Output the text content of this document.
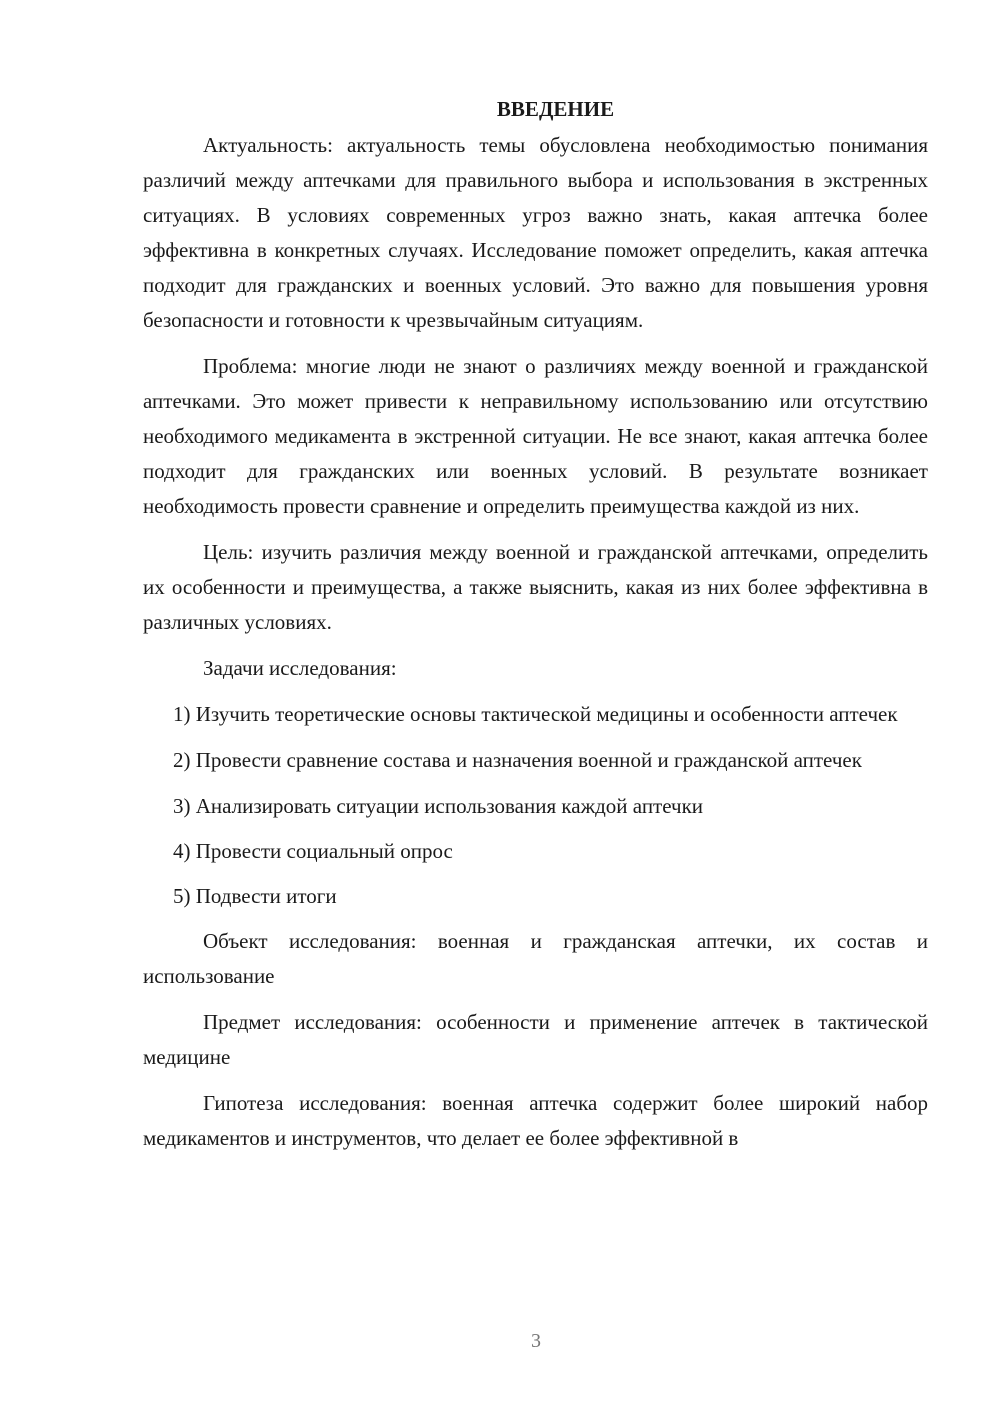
ВВЕДЕНИЕ

Актуальность: актуальность темы обусловлена необходимостью понимания различий между аптечками для правильного выбора и использования в экстренных ситуациях. В условиях современных угроз важно знать, какая аптечка более эффективна в конкретных случаях. Исследование поможет определить, какая аптечка подходит для гражданских и военных условий. Это важно для повышения уровня безопасности и готовности к чрезвычайным ситуациям.

Проблема: многие люди не знают о различиях между военной и гражданской аптечками. Это может привести к неправильному использованию или отсутствию необходимого медикамента в экстренной ситуации. Не все знают, какая аптечка более подходит для гражданских или военных условий. В результате возникает необходимость провести сравнение и определить преимущества каждой из них.

Цель: изучить различия между военной и гражданской аптечками, определить их особенности и преимущества, а также выяснить, какая из них более эффективна в различных условиях.

Задачи исследования:

1) Изучить теоретические основы тактической медицины и особенности аптечек

2) Провести сравнение состава и назначения военной и гражданской аптечек

3) Анализировать ситуации использования каждой аптечки

4) Провести социальный опрос

5) Подвести итоги

Объект исследования: военная и гражданская аптечки, их состав и использование

Предмет исследования: особенности и применение аптечек в тактической медицине

Гипотеза исследования: военная аптечка содержит более широкий набор медикаментов и инструментов, что делает ее более эффективной в

3
